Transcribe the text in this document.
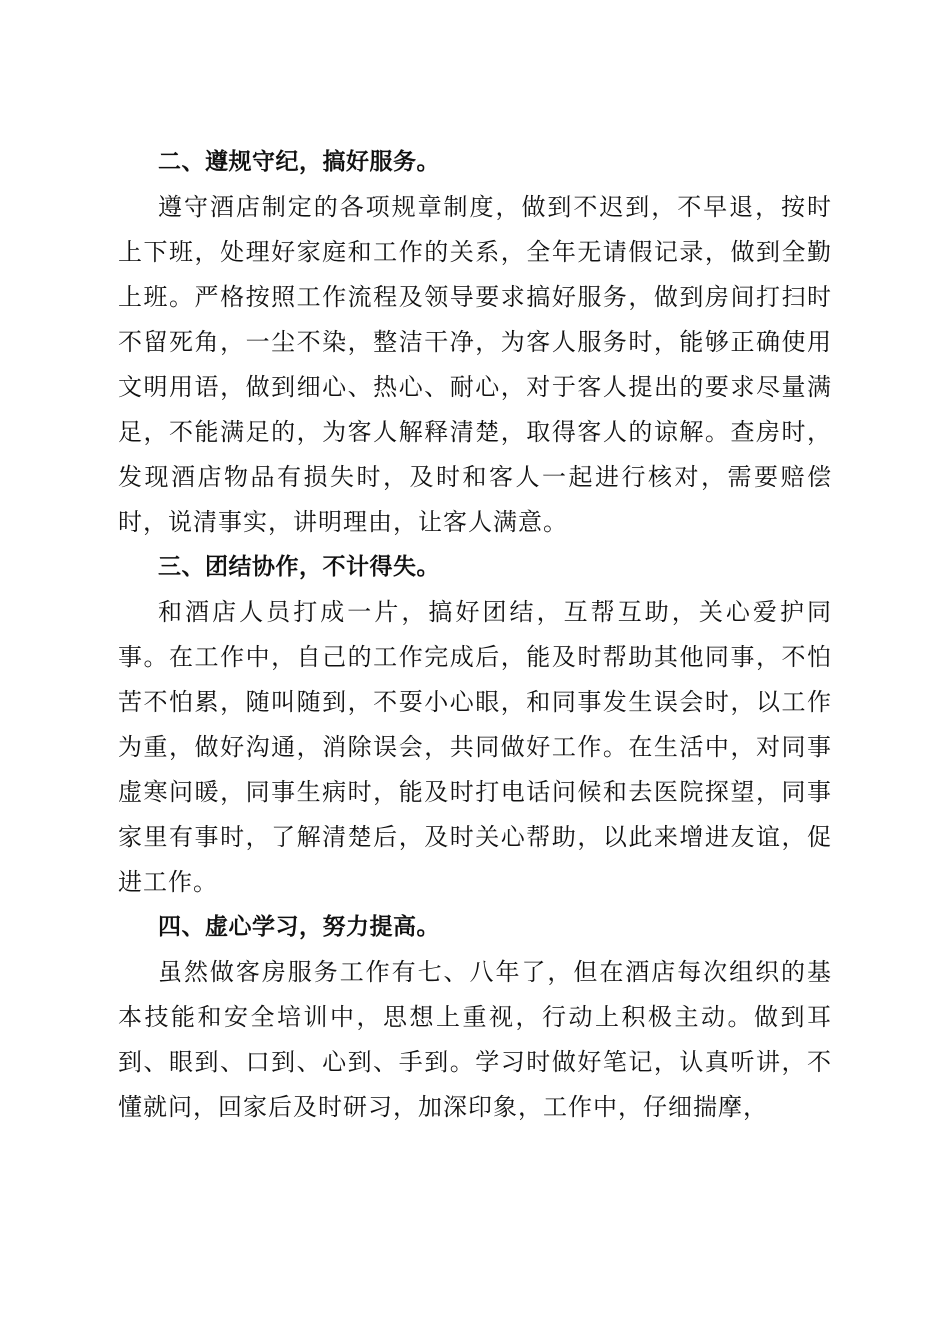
二、遵规守纪，搞好服务。

遵守酒店制定的各项规章制度，做到不迟到，不早退，按时上下班，处理好家庭和工作的关系，全年无请假记录，做到全勤上班。严格按照工作流程及领导要求搞好服务，做到房间打扫时不留死角，一尘不染，整洁干净，为客人服务时，能够正确使用文明用语，做到细心、热心、耐心，对于客人提出的要求尽量满足，不能满足的，为客人解释清楚，取得客人的谅解。查房时，发现酒店物品有损失时，及时和客人一起进行核对，需要赔偿时，说清事实，讲明理由，让客人满意。

三、团结协作，不计得失。

和酒店人员打成一片，搞好团结，互帮互助，关心爱护同事。在工作中，自己的工作完成后，能及时帮助其他同事，不怕苦不怕累，随叫随到，不耍小心眼，和同事发生误会时，以工作为重，做好沟通，消除误会，共同做好工作。在生活中，对同事虚寒问暖，同事生病时，能及时打电话问候和去医院探望，同事家里有事时，了解清楚后，及时关心帮助，以此来增进友谊，促进工作。

四、虚心学习，努力提高。

虽然做客房服务工作有七、八年了，但在酒店每次组织的基本技能和安全培训中，思想上重视，行动上积极主动。做到耳到、眼到、口到、心到、手到。学习时做好笔记，认真听讲，不懂就问，回家后及时研习，加深印象，工作中，仔细揣摩，
